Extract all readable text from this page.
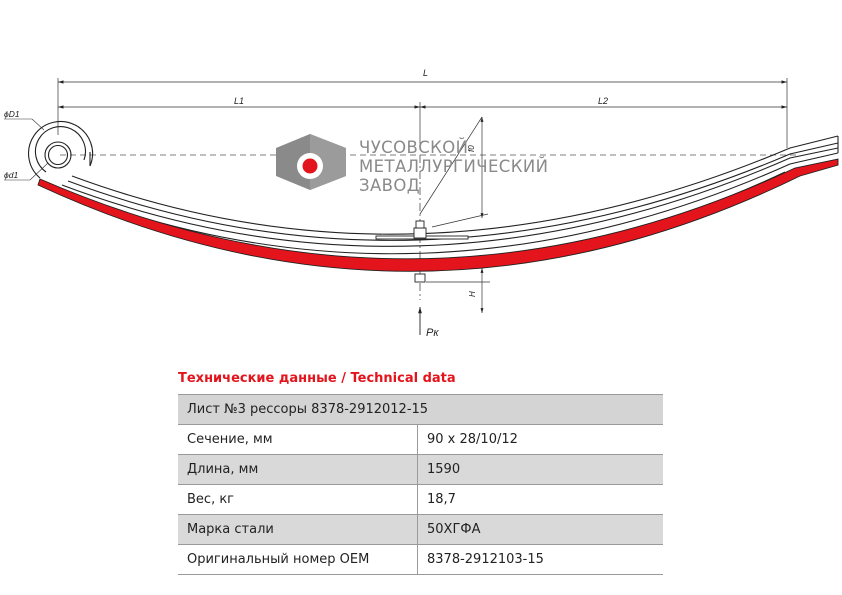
L
L1	L2
ϕD1
ϕd1
f0
H
Pк
ЧУСОВСКОЙ
МЕТАЛЛУРГИЧЕСКИЙ
ЗАВОД
Технические данные / Technical data
Лист №3 рессоры 8378-2912012-15	
Сечение, мм	90 х 28/10/12
Длина, мм	1590
Вес, кг	18,7
Марка стали	50ХГФА
Оригинальный номер OEM	8378-2912103-15
